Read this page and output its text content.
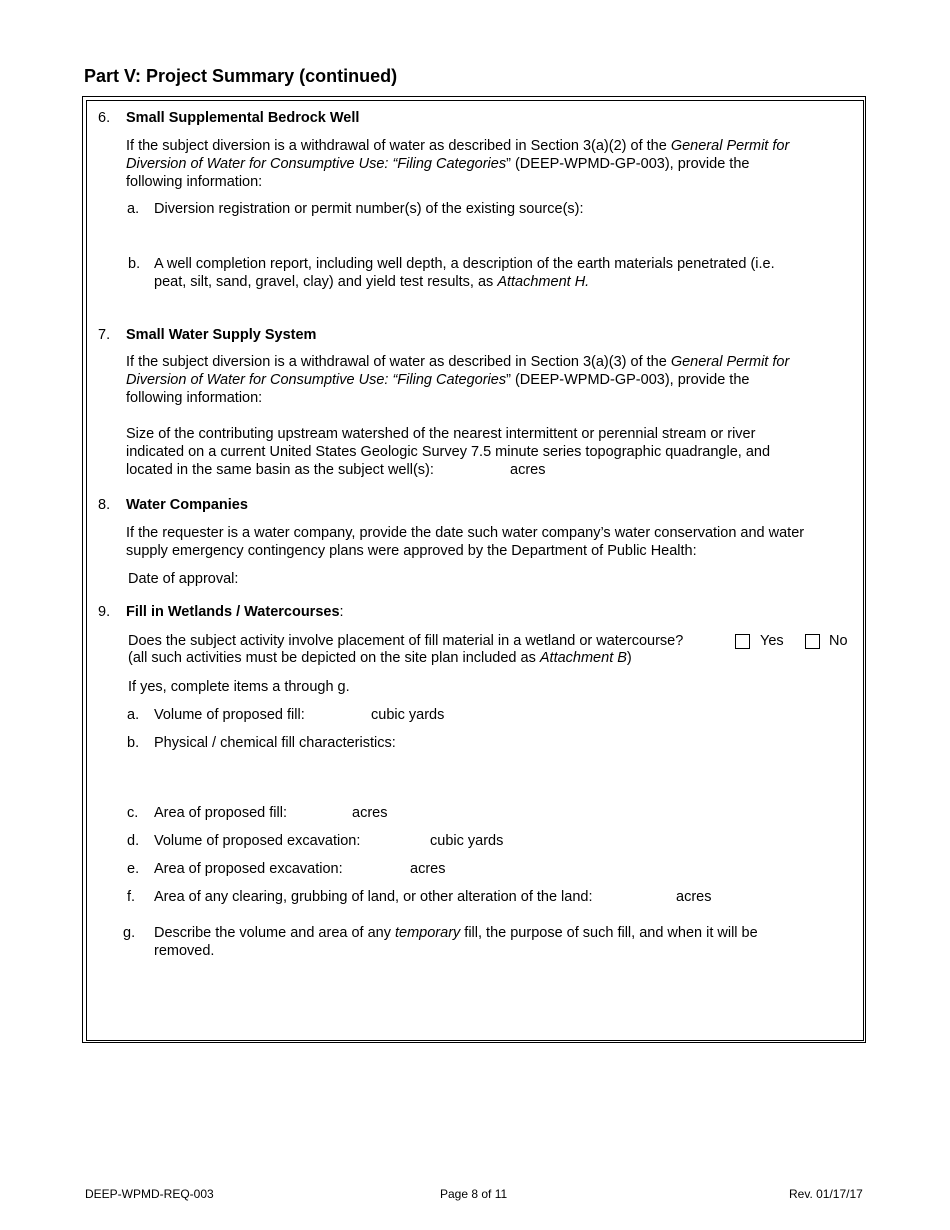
Part V: Project Summary (continued)
6. Small Supplemental Bedrock Well
If the subject diversion is a withdrawal of water as described in Section 3(a)(2) of the General Permit for
Diversion of Water for Consumptive Use: “Filing Categories” (DEEP-WPMD-GP-003), provide the
following information:
a. Diversion registration or permit number(s) of the existing source(s):
b. A well completion report, including well depth, a description of the earth materials penetrated (i.e.
peat, silt, sand, gravel, clay) and yield test results, as Attachment H.
7. Small Water Supply System
If the subject diversion is a withdrawal of water as described in Section 3(a)(3) of the General Permit for
Diversion of Water for Consumptive Use: “Filing Categories” (DEEP-WPMD-GP-003), provide the
following information:
Size of the contributing upstream watershed of the nearest intermittent or perennial stream or river
indicated on a current United States Geologic Survey 7.5 minute series topographic quadrangle, and
located in the same basin as the subject well(s):	acres
8. Water Companies
If the requester is a water company, provide the date such water company’s water conservation and water
supply emergency contingency plans were approved by the Department of Public Health:
Date of approval:
9. Fill in Wetlands / Watercourses:
Does the subject activity involve placement of fill material in a wetland or watercourse?	Yes	No
(all such activities must be depicted on the site plan included as Attachment B)
If yes, complete items a through g.
a. Volume of proposed fill:	cubic yards
b. Physical / chemical fill characteristics:
c. Area of proposed fill:	acres
d. Volume of proposed excavation:	cubic yards
e. Area of proposed excavation:	acres
f. Area of any clearing, grubbing of land, or other alteration of the land:	acres
g. Describe the volume and area of any temporary fill, the purpose of such fill, and when it will be
removed.
DEEP-WPMD-REQ-003	Page 8 of 11	Rev. 01/17/17
